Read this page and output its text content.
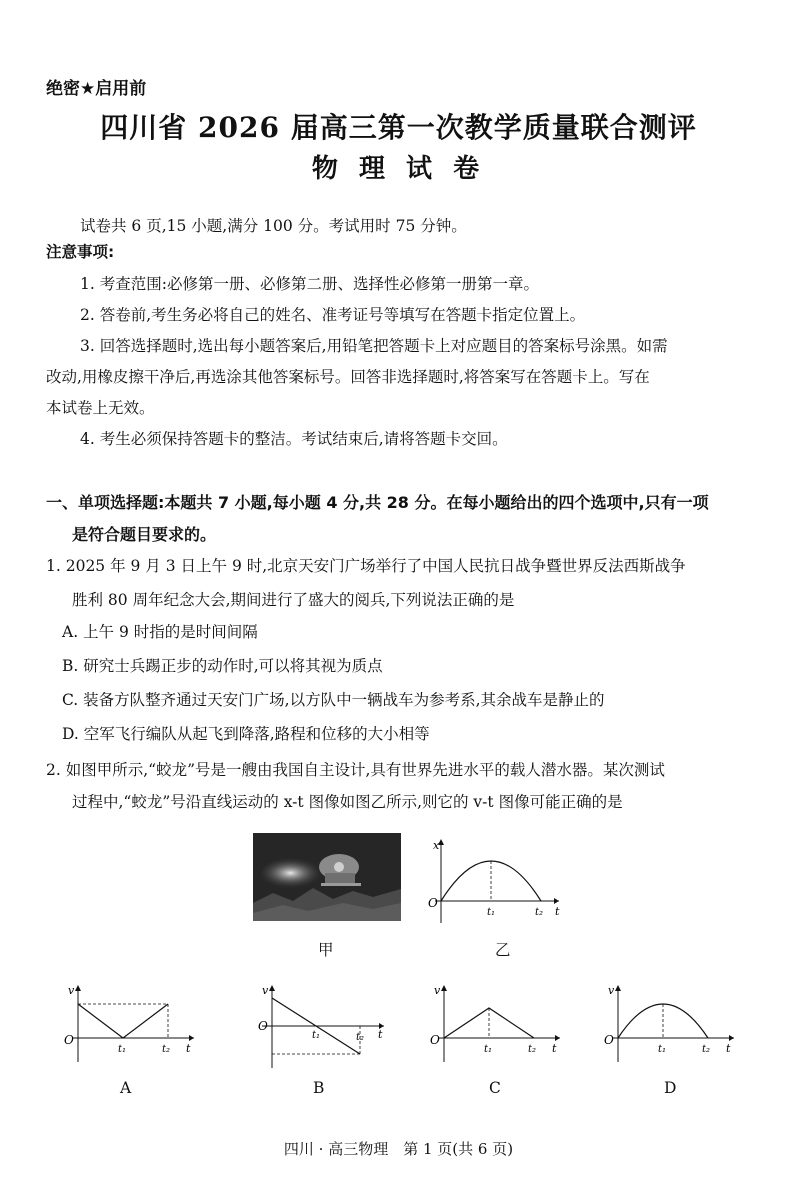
绝密★启用前
四川省 2026 届高三第一次教学质量联合测评
物 理 试 卷
试卷共 6 页,15 小题,满分 100 分。考试用时 75 分钟。
注意事项:
1. 考查范围:必修第一册、必修第二册、选择性必修第一册第一章。
2. 答卷前,考生务必将自己的姓名、准考证号等填写在答题卡指定位置上。
3. 回答选择题时,选出每小题答案后,用铅笔把答题卡上对应题目的答案标号涂黑。如需
改动,用橡皮擦干净后,再选涂其他答案标号。回答非选择题时,将答案写在答题卡上。写在
本试卷上无效。
4. 考生必须保持答题卡的整洁。考试结束后,请将答题卡交回。
一、单项选择题:本题共 7 小题,每小题 4 分,共 28 分。在每小题给出的四个选项中,只有一项
是符合题目要求的。
1. 2025 年 9 月 3 日上午 9 时,北京天安门广场举行了中国人民抗日战争暨世界反法西斯战争
胜利 80 周年纪念大会,期间进行了盛大的阅兵,下列说法正确的是
A. 上午 9 时指的是时间间隔
B. 研究士兵踢正步的动作时,可以将其视为质点
C. 装备方队整齐通过天安门广场,以方队中一辆战车为参考系,其余战车是静止的
D. 空军飞行编队从起飞到降落,路程和位移的大小相等
2. 如图甲所示,“蛟龙”号是一艘由我国自主设计,具有世界先进水平的载人潜水器。某次测试
过程中,“蛟龙”号沿直线运动的 x-t 图像如图乙所示,则它的 v-t 图像可能正确的是
甲
x
O
t₁	t₂ t
乙
v
O
t₁	t₂ t
A
v
O
t₁	t₂ t
B
v
O
t₁	t₂ t
C
v
O
t₁	t₂ t
D
四川 · 高三物理　第 1 页(共 6 页)
